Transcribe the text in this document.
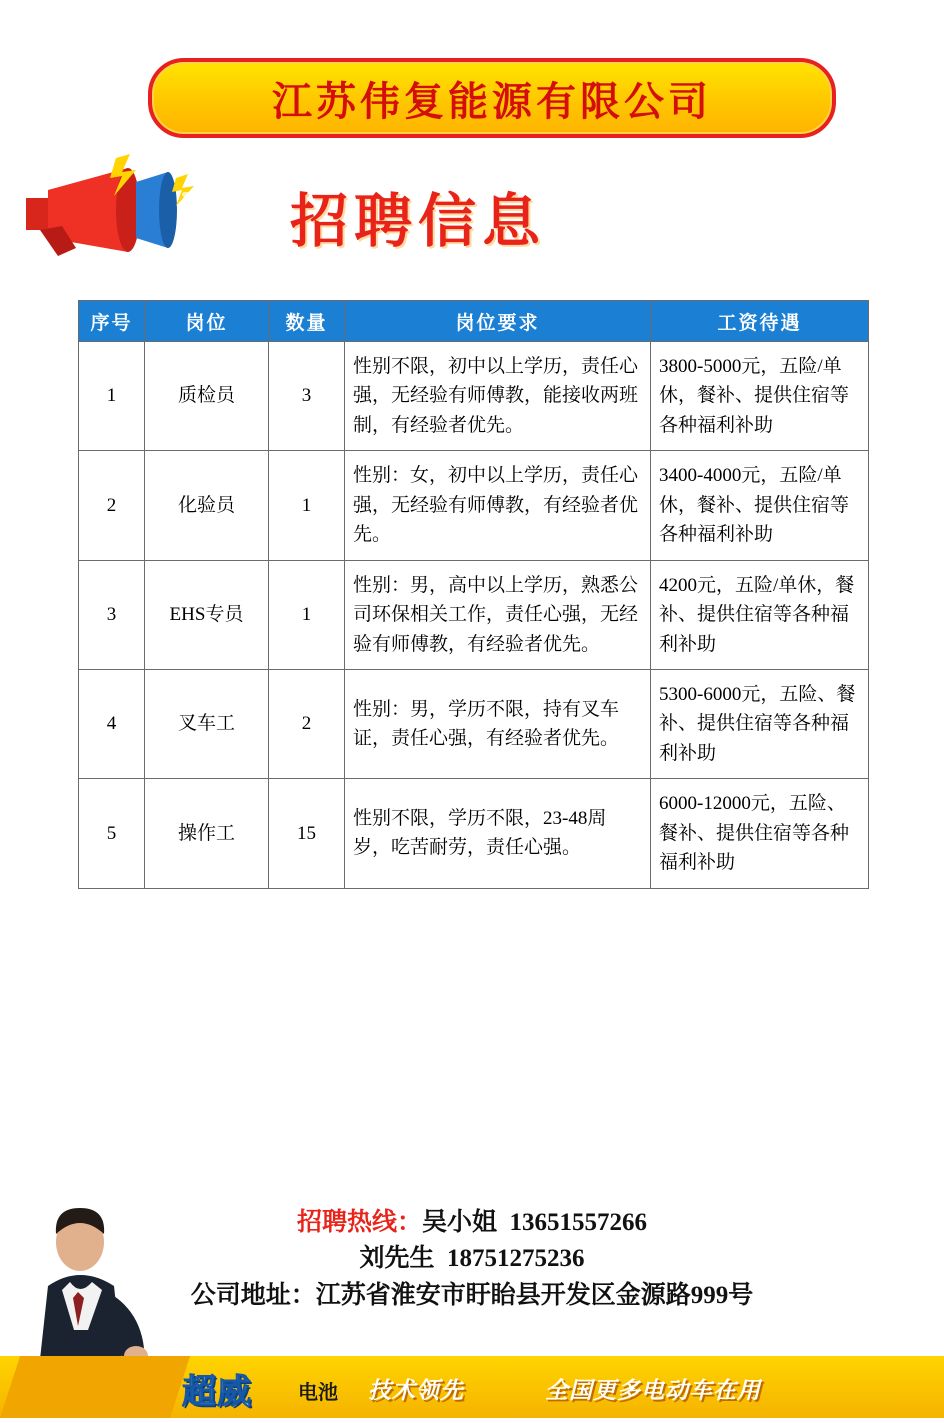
江苏伟复能源有限公司
招聘信息
序号	岗位	数量	岗位要求	工资待遇
1	质检员	3	性别不限，初中以上学历，责任心强，无经验有师傅教，能接收两班制，有经验者优先。	3800-5000元，五险/单休，餐补、提供住宿等各种福利补助
2	化验员	1	性别：女，初中以上学历，责任心强，无经验有师傅教，有经验者优先。	3400-4000元，五险/单休，餐补、提供住宿等各种福利补助
3	EHS专员	1	性别：男，高中以上学历，熟悉公司环保相关工作，责任心强，无经验有师傅教，有经验者优先。	4200元，五险/单休，餐补、提供住宿等各种福利补助
4	叉车工	2	性别：男，学历不限，持有叉车证，责任心强，有经验者优先。	5300-6000元，五险、餐补、提供住宿等各种福利补助
5	操作工	15	性别不限，学历不限，23-48周岁，吃苦耐劳，责任心强。	6000-12000元，五险、餐补、提供住宿等各种福利补助
招聘热线：吴小姐 13651557266
刘先生 18751275236
公司地址：江苏省淮安市盱眙县开发区金源路999号
超威 电池 技术领先	全国更多电动车在用
